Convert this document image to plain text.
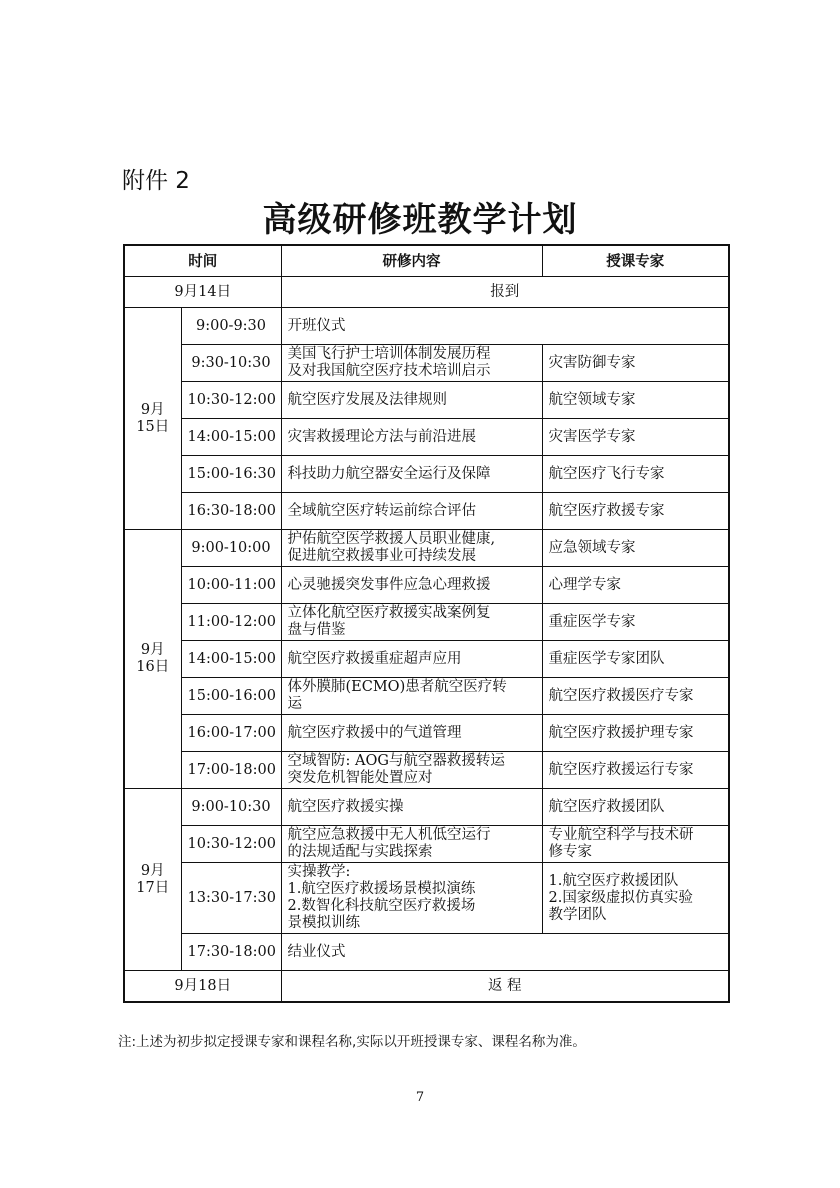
附件 2
高级研修班教学计划
时间		研修内容	授课专家
9月14日		报到	
9月
15日	9:00-9:30	开班仪式	
	9:30-10:30	美国飞行护士培训体制发展历程
及对我国航空医疗技术培训启示	灾害防御专家
	10:30-12:00	航空医疗发展及法律规则	航空领域专家
	14:00-15:00	灾害救援理论方法与前沿进展	灾害医学专家
	15:00-16:30	科技助力航空器安全运行及保障	航空医疗飞行专家
	16:30-18:00	全域航空医疗转运前综合评估	航空医疗救援专家
9月
16日	9:00-10:00	护佑航空医学救援人员职业健康,
促进航空救援事业可持续发展	应急领域专家
	10:00-11:00	心灵驰援突发事件应急心理救援	心理学专家
	11:00-12:00	立体化航空医疗救援实战案例复
盘与借鉴	重症医学专家
	14:00-15:00	航空医疗救援重症超声应用	重症医学专家团队
	15:00-16:00	体外膜肺(ECMO)患者航空医疗转
运	航空医疗救援医疗专家
	16:00-17:00	航空医疗救援中的气道管理	航空医疗救援护理专家
	17:00-18:00	空域智防: AOG与航空器救援转运
突发危机智能处置应对	航空医疗救援运行专家
9月
17日	9:00-10:30	航空医疗救援实操	航空医疗救援团队
	10:30-12:00	航空应急救援中无人机低空运行
的法规适配与实践探索	专业航空科学与技术研
修专家
	13:30-17:30	实操教学:
1.航空医疗救援场景模拟演练
2.数智化科技航空医疗救援场
景模拟训练	1.航空医疗救援团队
2.国家级虚拟仿真实验
教学团队
	17:30-18:00	结业仪式	
9月18日		返 程	
注:上述为初步拟定授课专家和课程名称,实际以开班授课专家、课程名称为准。
7
